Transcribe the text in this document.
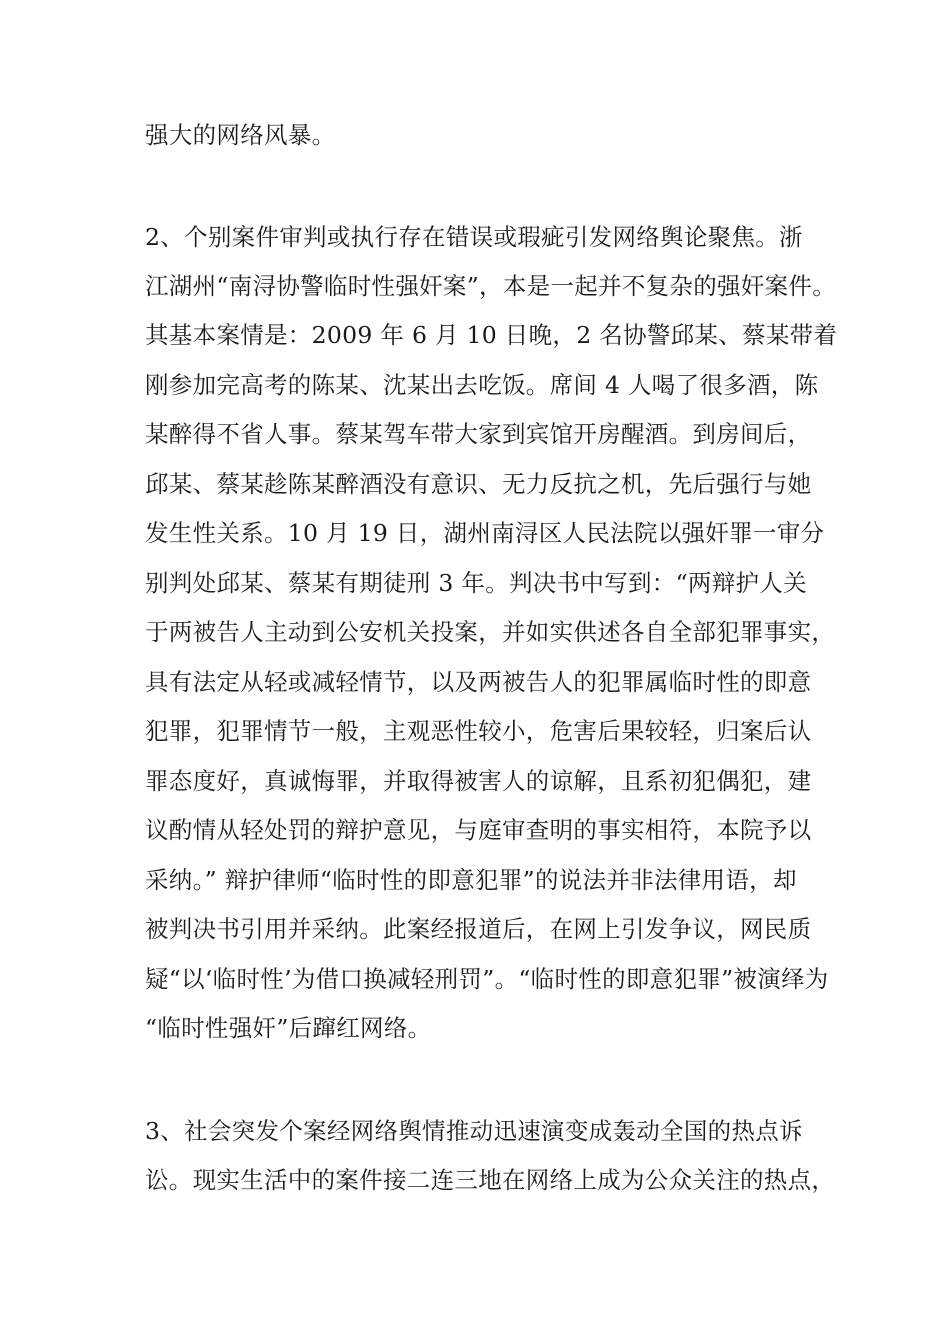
强大的网络风暴。
2、个别案件审判或执行存在错误或瑕疵引发网络舆论聚焦。浙
江湖州“南浔协警临时性强奸案”，本是一起并不复杂的强奸案件。
其基本案情是：2009 年 6 月 10 日晚，2 名协警邱某、蔡某带着
刚参加完高考的陈某、沈某出去吃饭。席间 4 人喝了很多酒，陈
某醉得不省人事。蔡某驾车带大家到宾馆开房醒酒。到房间后，
邱某、蔡某趁陈某醉酒没有意识、无力反抗之机，先后强行与她
发生性关系。10 月 19 日，湖州南浔区人民法院以强奸罪一审分
别判处邱某、蔡某有期徒刑 3 年。判决书中写到：“两辩护人关
于两被告人主动到公安机关投案，并如实供述各自全部犯罪事实，
具有法定从轻或减轻情节，以及两被告人的犯罪属临时性的即意
犯罪，犯罪情节一般，主观恶性较小，危害后果较轻，归案后认
罪态度好，真诚悔罪，并取得被害人的谅解，且系初犯偶犯，建
议酌情从轻处罚的辩护意见，与庭审查明的事实相符，本院予以
采纳。” 辩护律师“临时性的即意犯罪”的说法并非法律用语，却
被判决书引用并采纳。此案经报道后，在网上引发争议，网民质
疑“以‘临时性’为借口换减轻刑罚”。“临时性的即意犯罪”被演绎为
“临时性强奸”后蹿红网络。
3、社会突发个案经网络舆情推动迅速演变成轰动全国的热点诉
讼。现实生活中的案件接二连三地在网络上成为公众关注的热点，
